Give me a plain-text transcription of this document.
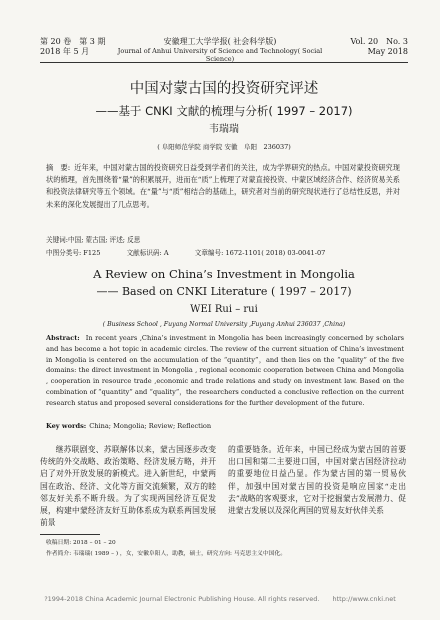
第 20 卷　第 3 期
2018 年 5 月
安徽理工大学学报( 社会科学版)
Journal of Anhui University of Science and Technology( Social Science)
Vol. 20　No. 3
May 2018
中国对蒙古国的投资研究评述
——基于 CNKI 文献的梳理与分析( 1997 – 2017)
韦瑞瑞
( 阜阳师范学院 商学院 安徽　阜阳　236037)
摘　要: 近年来，中国对蒙古国的投资研究日益受到学者们的关注，成为学界研究的热点。中国对蒙投资研究现状的梳理，首先围绕着“量”的积累展开，进而在“质”上梳理了对蒙直接投资、中蒙区域经济合作、经济贸易关系和投资法律研究等五个领域。在“量”与“质”相结合的基础上，研究者对当前的研究现状进行了总结性反思，并对未来的深化发展提出了几点思考。
关键词:中国; 蒙古国; 评述; 反思
中图分类号: F125	文献标识码: A	文章编号: 1672-1101( 2018) 03-0041-07
A Review on China’s Investment in Mongolia
—— Based on CNKI Literature ( 1997 – 2017)
WEI Rui – rui
( Business School , Fuyang Normal University ,Fuyang Anhui 236037 ,China)
Abstract: In recent years ,China’s investment in Mongolia has been increasingly concerned by scholars and has become a hot topic in academic circles. The review of the current situation of China’s investment in Mongolia is centered on the accumulation of the “quantity”，and then lies on the “quality” of the five domains: the direct investment in Mongolia , regional economic cooperation between China and Mongolia , cooperation in resource trade ,economic and trade relations and study on investment law. Based on the combination of “quantity” and “quality”，the researchers conducted a conclusive reflection on the current research status and proposed several considerations for the further development of the future.
Key words: China; Mongolia; Review; Reflection
继苏联剧变、苏联解体以来，蒙古国逐步改变传统的外交战略、政治策略、经济发展方略，并开启了对外开放发展的新模式。进入新世纪，中蒙两国在政治、经济、文化等方面交流频繁，双方的睦邻友好关系不断升级。为了实现两国经济互促发展，构建中蒙经济友好互助体系成为联系两国发展前景
的重要链条。近年来，中国已经成为蒙古国的首要出口国和第二主要进口国，中国对蒙古国经济拉动的重要地位日益凸显。作为蒙古国的第一贸易伙伴，加强中国对蒙古国的投资是响应国家“走出去”战略的客观要求，它对于挖掘蒙古发展潜力、促进蒙古发展以及深化两国的贸易友好伙伴关系
收稿日期: 2018 – 01 – 20
作者简介: 韦瑞瑞( 1989 – ) ，女，安徽阜阳人，助教，硕士，研究方向: 马克思主义中国化。
?1994-2018 China Academic Journal Electronic Publishing House. All rights reserved.　　http://www.cnki.net
